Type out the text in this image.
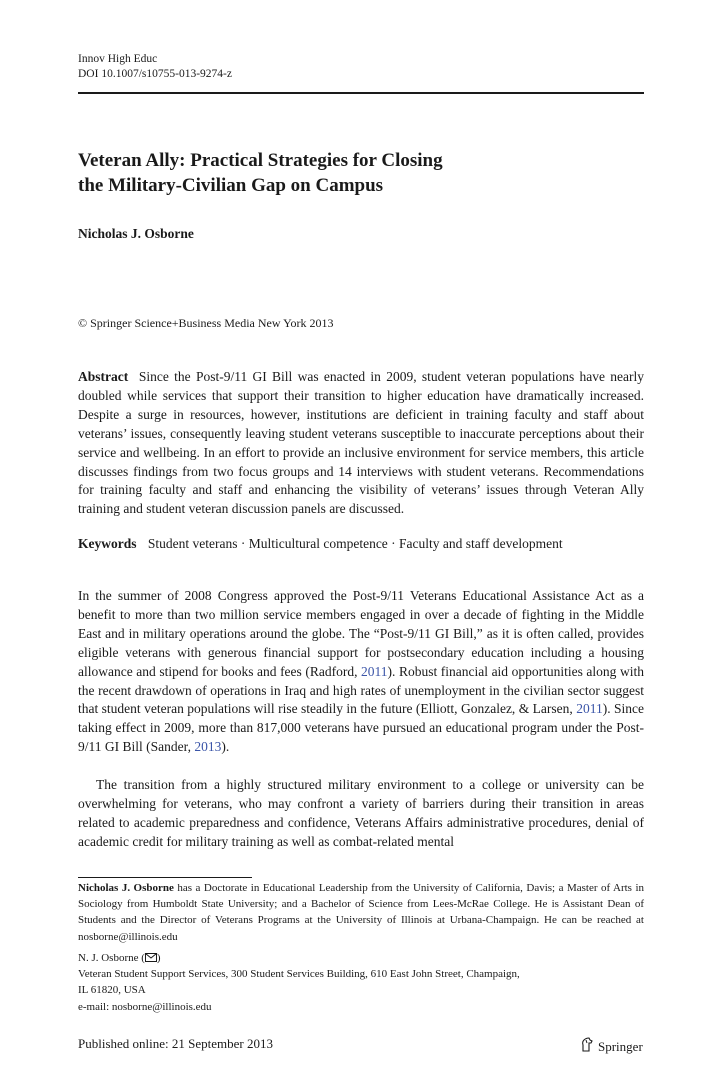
Innov High Educ
DOI 10.1007/s10755-013-9274-z
Veteran Ally: Practical Strategies for Closing
the Military-Civilian Gap on Campus
Nicholas J. Osborne
© Springer Science+Business Media New York 2013
Abstract Since the Post-9/11 GI Bill was enacted in 2009, student veteran populations have nearly doubled while services that support their transition to higher education have dramatically increased. Despite a surge in resources, however, institutions are deficient in training faculty and staff about veterans’ issues, consequently leaving student veterans susceptible to inaccurate perceptions about their service and wellbeing. In an effort to provide an inclusive environment for service members, this article discusses findings from two focus groups and 14 interviews with student veterans. Recommendations for training faculty and staff and enhancing the visibility of veterans’ issues through Veteran Ally training and student veteran discussion panels are discussed.
Keywords Student veterans · Multicultural competence · Faculty and staff development
In the summer of 2008 Congress approved the Post-9/11 Veterans Educational Assistance Act as a benefit to more than two million service members engaged in over a decade of fighting in the Middle East and in military operations around the globe. The “Post-9/11 GI Bill,” as it is often called, provides eligible veterans with generous financial support for postsecondary education including a housing allowance and stipend for books and fees (Radford, 2011). Robust financial aid opportunities along with the recent drawdown of operations in Iraq and high rates of unemployment in the civilian sector suggest that student veteran populations will rise steadily in the future (Elliott, Gonzalez, & Larsen, 2011). Since taking effect in 2009, more than 817,000 veterans have pursued an educational program under the Post-9/11 GI Bill (Sander, 2013).
The transition from a highly structured military environment to a college or university can be overwhelming for veterans, who may confront a variety of barriers during their transition in areas related to academic preparedness and confidence, Veterans Affairs administrative procedures, denial of academic credit for military training as well as combat-related mental
Nicholas J. Osborne has a Doctorate in Educational Leadership from the University of California, Davis; a Master of Arts in Sociology from Humboldt State University; and a Bachelor of Science from Lees-McRae College. He is Assistant Dean of Students and the Director of Veterans Programs at the University of Illinois at Urbana-Champaign. He can be reached at nosborne@illinois.edu
N. J. Osborne ( )
Veteran Student Support Services, 300 Student Services Building, 610 East John Street, Champaign,
IL 61820, USA
e-mail: nosborne@illinois.edu
Published online: 21 September 2013	Springer
